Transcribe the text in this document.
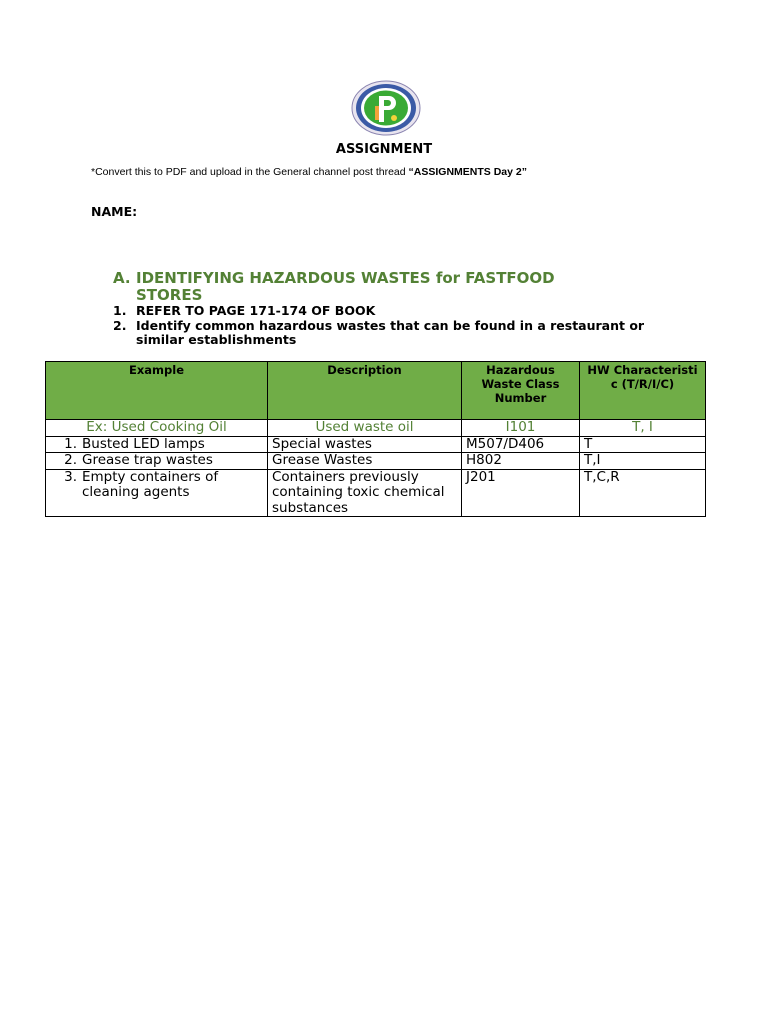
ASSIGNMENT
*Convert this to PDF and upload in the General channel post thread “ASSIGNMENTS Day 2”
NAME:
A. IDENTIFYING HAZARDOUS WASTES for FASTFOOD
STORES
1. REFER TO PAGE 171-174 OF BOOK
2. Identify common hazardous wastes that can be found in a restaurant or similar establishments
Example	Description	Hazardous Waste Class Number	HW Characteristi c (T/R/I/C)
Ex: Used Cooking Oil	Used waste oil	I101	T, I

1. Busted LED lamps	Special wastes	M507/D406	T

2. Grease trap wastes	Grease Wastes	H802	T,I

3. Empty containers of cleaning agents	Containers previously containing toxic chemical substances	J201	T,C,R
